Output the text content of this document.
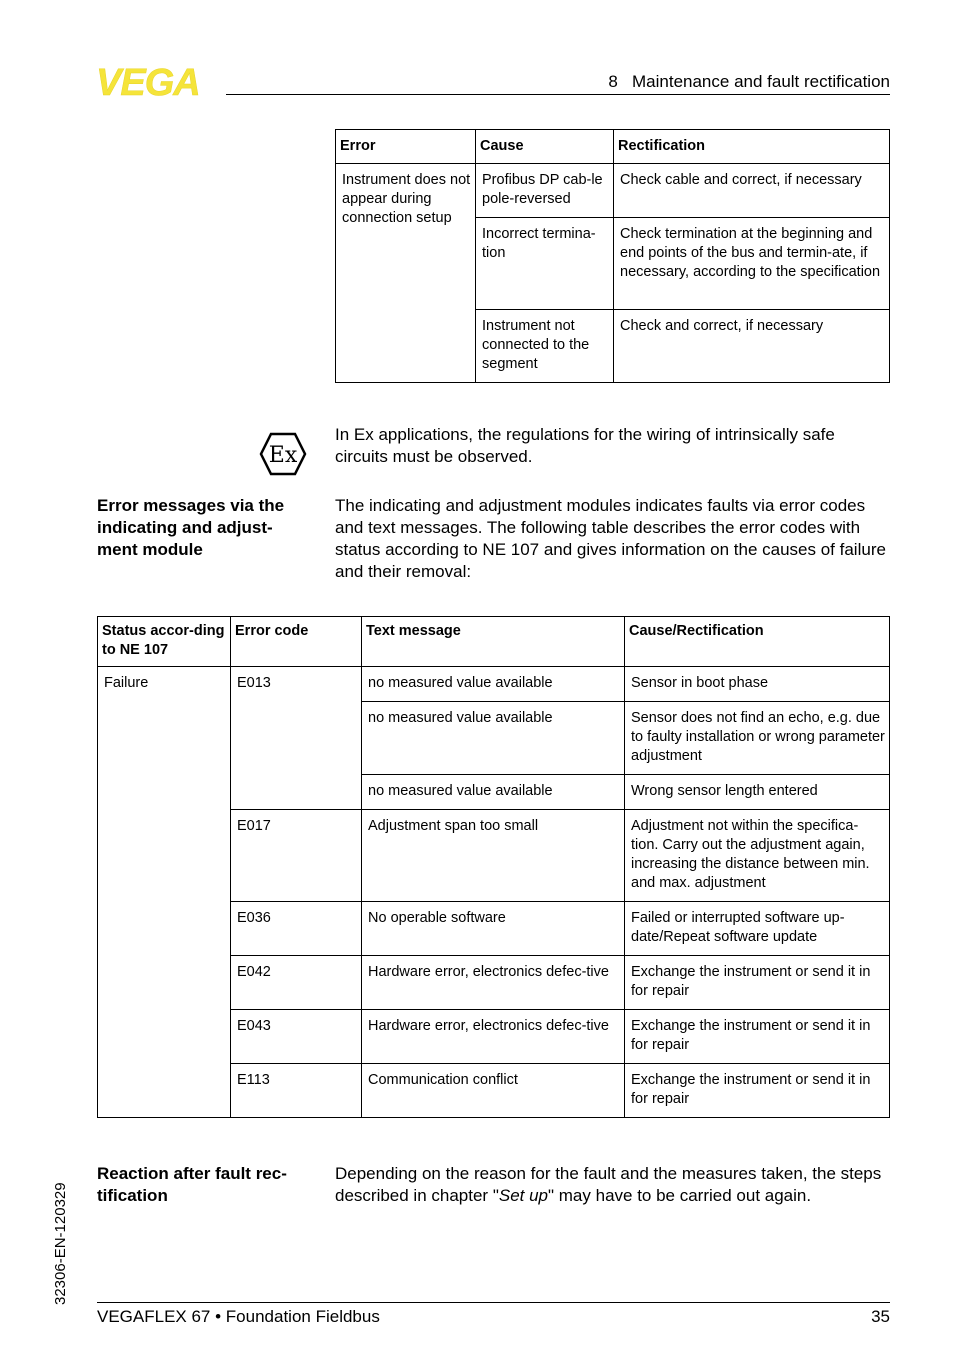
VEGA	8   Maintenance and fault rectification
Error	Cause	Rectification
Instrument does not appear during connection setup	Profibus DP cab-le pole-reversed	Check cable and correct, if necessary
	Incorrect termina-tion	Check termination at the beginning and end points of the bus and termin-ate, if necessary, according to the specification
	Instrument not connected to the segment	Check and correct, if necessary
Ex
In Ex applications, the regulations for the wiring of intrinsically safe circuits must be observed.
Error messages via the indicating and adjust-ment module
The indicating and adjustment modules indicates faults via error codes and text messages. The following table describes the error codes with status according to NE 107 and gives information on the causes of failure and their removal:
Status accor-ding to NE 107	Error code	Text message	Cause/Rectification
Failure	E013	no measured value available	Sensor in boot phase
		no measured value available	Sensor does not find an echo, e.g. due to faulty installation or wrong parameter adjustment
		no measured value available	Wrong sensor length entered
	E017	Adjustment span too small	Adjustment not within the specifica-tion. Carry out the adjustment again, increasing the distance between min. and max. adjustment
	E036	No operable software	Failed or interrupted software up-date/Repeat software update
	E042	Hardware error, electronics defec-tive	Exchange the instrument or send it in for repair
	E043	Hardware error, electronics defec-tive	Exchange the instrument or send it in for repair
	E113	Communication conflict	Exchange the instrument or send it in for repair
Reaction after fault rec-tification
Depending on the reason for the fault and the measures taken, the steps described in chapter "Set up" may have to be carried out again.
32306-EN-120329
VEGAFLEX 67 • Foundation Fieldbus	35
